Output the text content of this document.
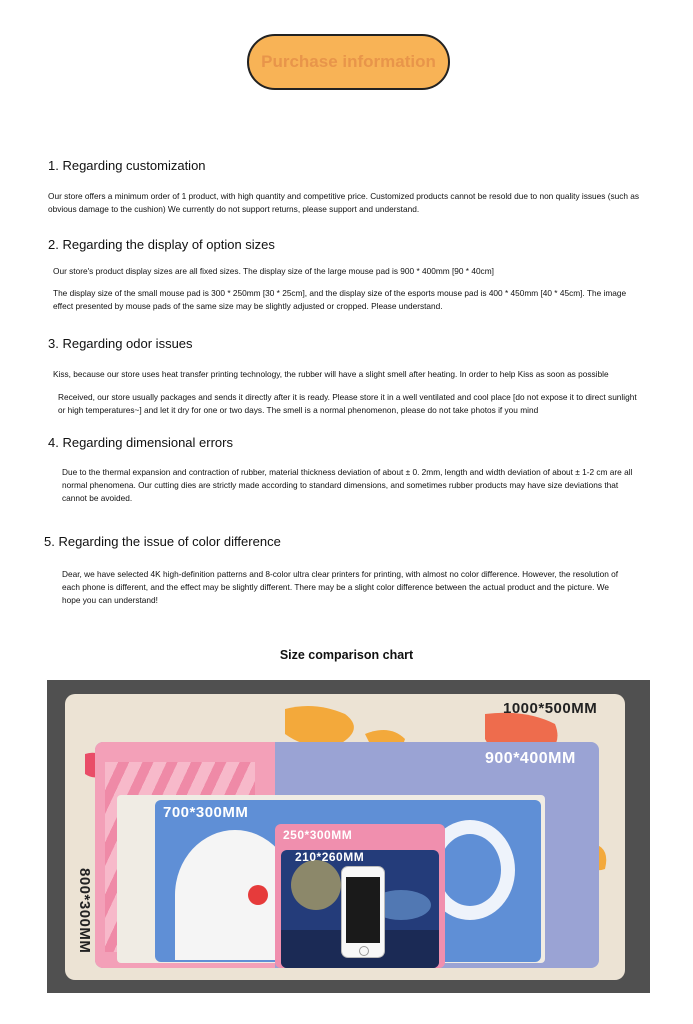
Purchase information
1. Regarding customization
Our store offers a minimum order of 1 product, with high quantity and competitive price. Customized products cannot be resold due to non quality issues (such as obvious damage to the cushion) We currently do not support returns, please support and understand.
2. Regarding the display of option sizes
Our store's product display sizes are all fixed sizes. The display size of the large mouse pad is 900 * 400mm [90 * 40cm]
The display size of the small mouse pad is 300 * 250mm [30 * 25cm], and the display size of the esports mouse pad is 400 * 450mm [40 * 45cm]. The image effect presented by mouse pads of the same size may be slightly adjusted or cropped. Please understand.
3. Regarding odor issues
Kiss, because our store uses heat transfer printing technology, the rubber will have a slight smell after heating. In order to help Kiss as soon as possible
Received, our store usually packages and sends it directly after it is ready. Please store it in a well ventilated and cool place [do not expose it to direct sunlight or high temperatures~] and let it dry for one or two days. The smell is a normal phenomenon, please do not take photos if you mind
4. Regarding dimensional errors
Due to the thermal expansion and contraction of rubber, material thickness deviation of about ± 0. 2mm, length and width deviation of about ± 1-2 cm are all normal phenomena. Our cutting dies are strictly made according to standard dimensions, and sometimes rubber products may have size deviations that cannot be avoided.
5. Regarding the issue of color difference
Dear, we have selected 4K high-definition patterns and 8-color ultra clear printers for printing, with almost no color difference. However, the resolution of each phone is different, and the effect may be slightly different. There may be a slight color difference between the actual product and the picture. We hope you can understand!
Size comparison chart
1000*500MM
900*400MM
700*300MM
800*300MM
250*300MM
210*260MM
